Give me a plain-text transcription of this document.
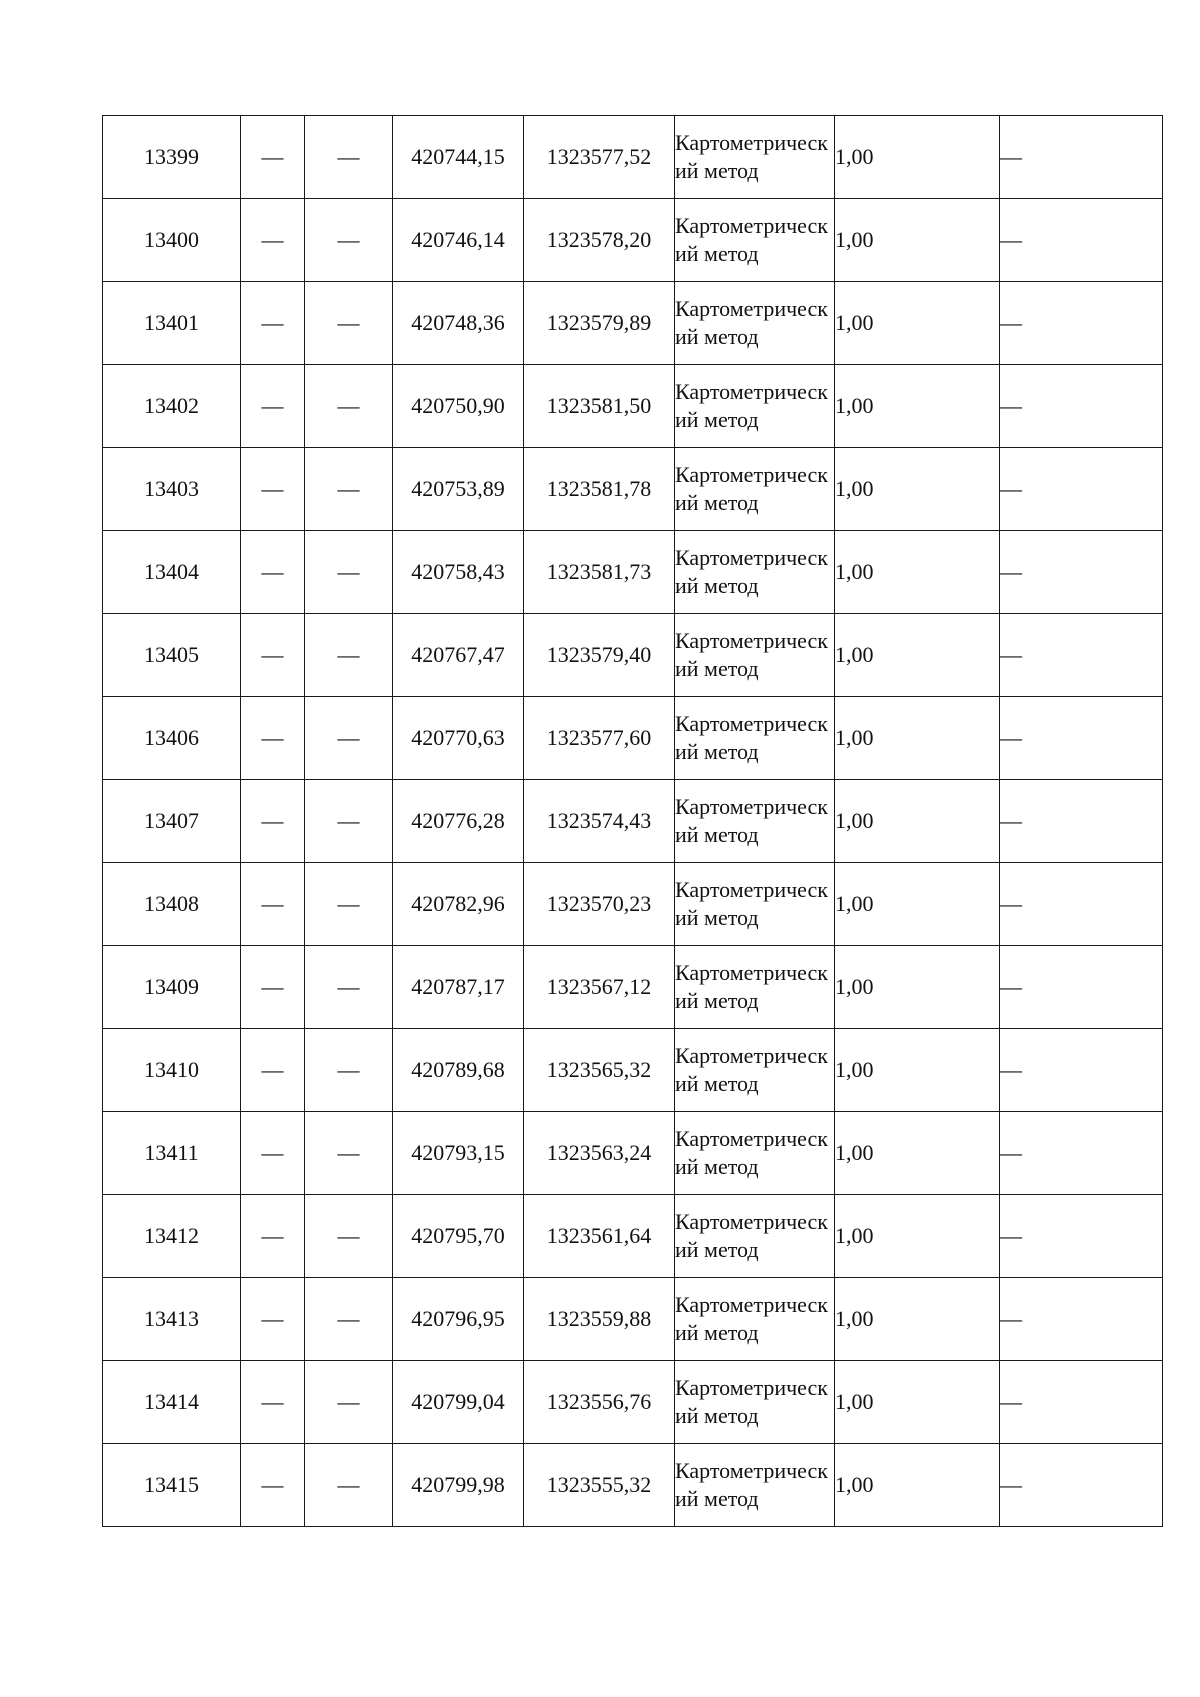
13399	—	—	420744,15	1323577,52	Картометрический метод	1,00	—
13400	—	—	420746,14	1323578,20	Картометрический метод	1,00	—
13401	—	—	420748,36	1323579,89	Картометрический метод	1,00	—
13402	—	—	420750,90	1323581,50	Картометрический метод	1,00	—
13403	—	—	420753,89	1323581,78	Картометрический метод	1,00	—
13404	—	—	420758,43	1323581,73	Картометрический метод	1,00	—
13405	—	—	420767,47	1323579,40	Картометрический метод	1,00	—
13406	—	—	420770,63	1323577,60	Картометрический метод	1,00	—
13407	—	—	420776,28	1323574,43	Картометрический метод	1,00	—
13408	—	—	420782,96	1323570,23	Картометрический метод	1,00	—
13409	—	—	420787,17	1323567,12	Картометрический метод	1,00	—
13410	—	—	420789,68	1323565,32	Картометрический метод	1,00	—
13411	—	—	420793,15	1323563,24	Картометрический метод	1,00	—
13412	—	—	420795,70	1323561,64	Картометрический метод	1,00	—
13413	—	—	420796,95	1323559,88	Картометрический метод	1,00	—
13414	—	—	420799,04	1323556,76	Картометрический метод	1,00	—
13415	—	—	420799,98	1323555,32	Картометрический метод	1,00	—
